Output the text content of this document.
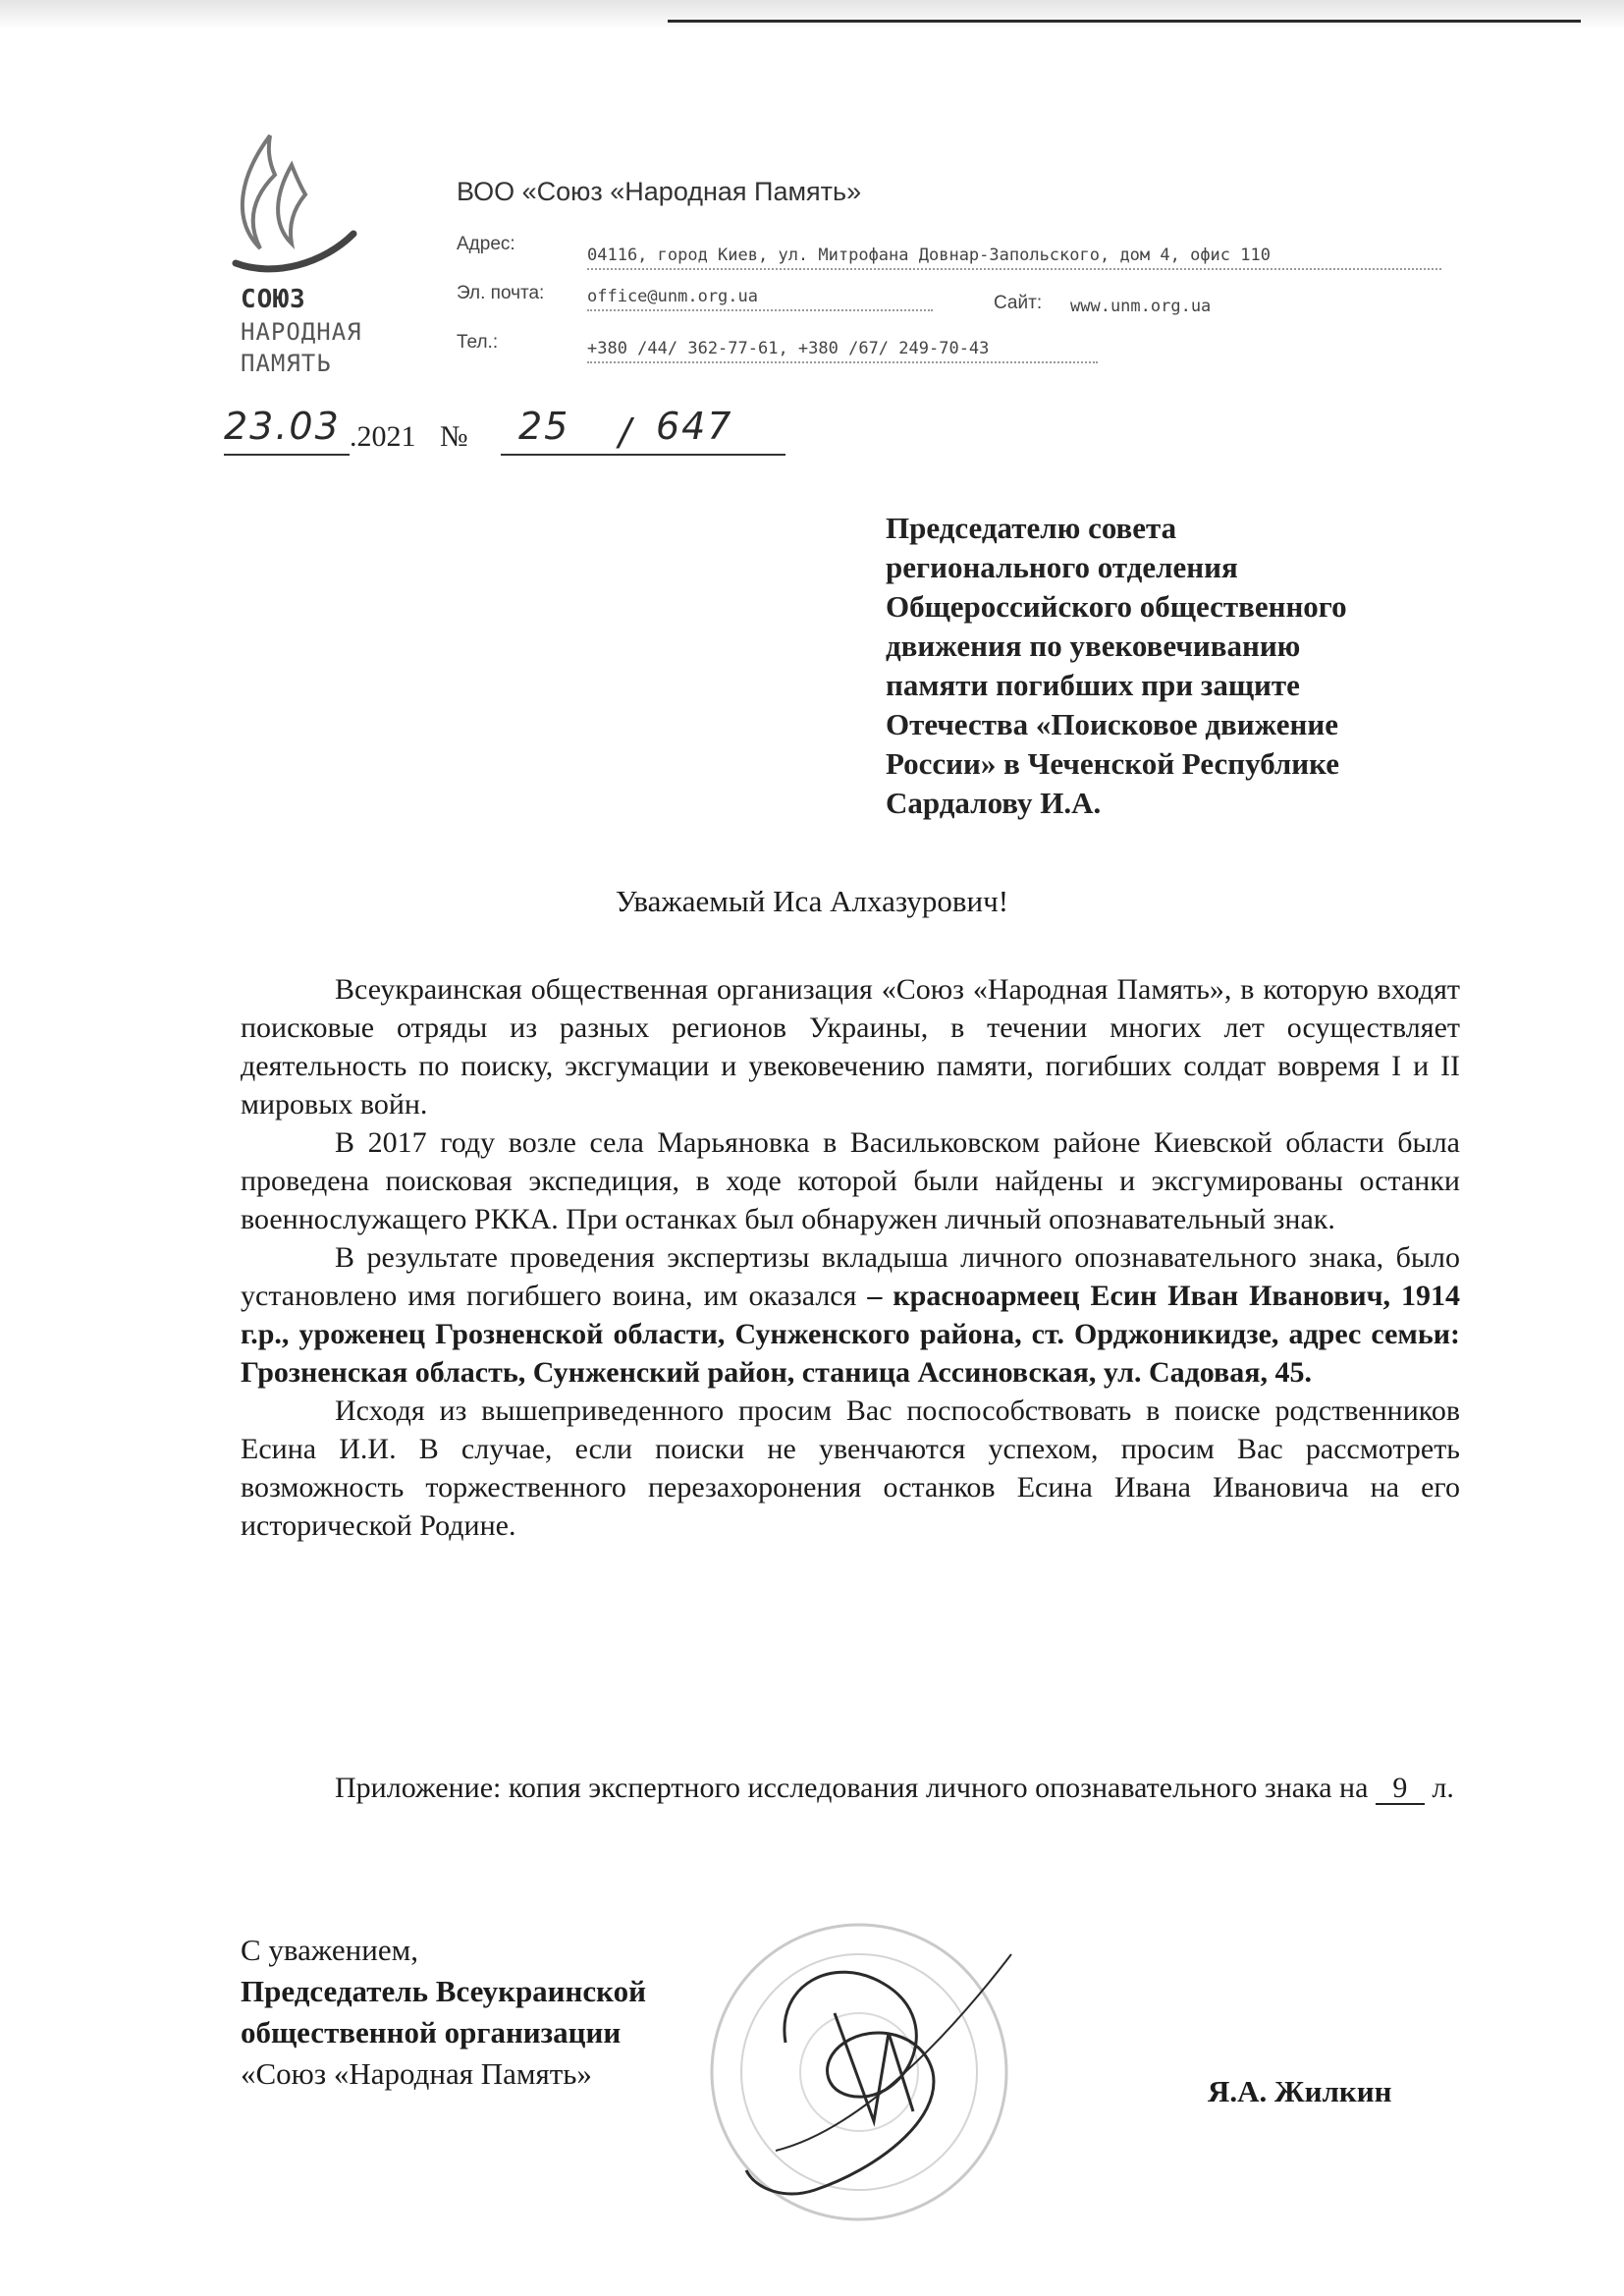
СОЮЗ
НАРОДНАЯ
ПАМЯТЬ
ВОО «Союз «Народная Память»
Адрес:
04116, город Киев, ул. Митрофана Довнар-Запольского, дом 4, офис 110
Эл. почта:	office@unm.org.ua	Сайт: www.unm.org.ua
Тел.:	+380 /44/ 362-77-61, +380 /67/ 249-70-43
23.03 .2021 № 25 / 647
Председателю совета
регионального отделения
Общероссийского общественного
движения по увековечиванию
памяти погибших при защите
Отечества «Поисковое движение
России» в Чеченской Республике
Сардалову И.А.
Уважаемый Иса Алхазурович!

Всеукраинская общественная организация «Союз «Народная Память», в которую входят поисковые отряды из разных регионов Украины, в течении многих лет осуществляет деятельность по поиску, эксгумации и увековечению памяти, погибших солдат вовремя I и II мировых войн.

В 2017 году возле села Марьяновка в Васильковском районе Киевской области была проведена поисковая экспедиция, в ходе которой были найдены и эксгумированы останки военнослужащего РККА. При останках был обнаружен личный опознавательный знак.

В результате проведения экспертизы вкладыша личного опознавательного знака, было установлено имя погибшего воина, им оказался – красноармеец Есин Иван Иванович, 1914 г.р., уроженец Грозненской области, Сунженского района, ст. Орджоникидзе, адрес семьи: Грозненская область, Сунженский район, станица Ассиновская, ул. Садовая, 45.

Исходя из вышеприведенного просим Вас поспособствовать в поиске родственников Есина И.И. В случае, если поиски не увенчаются успехом, просим Вас рассмотреть возможность торжественного перезахоронения останков Есина Ивана Ивановича на его исторической Родине.

Приложение: копия экспертного исследования личного опознавательного знака на 9 л.

С уважением,
Председатель Всеукраинской
общественной организации
«Союз «Народная Память»
Я.А. Жилкин
